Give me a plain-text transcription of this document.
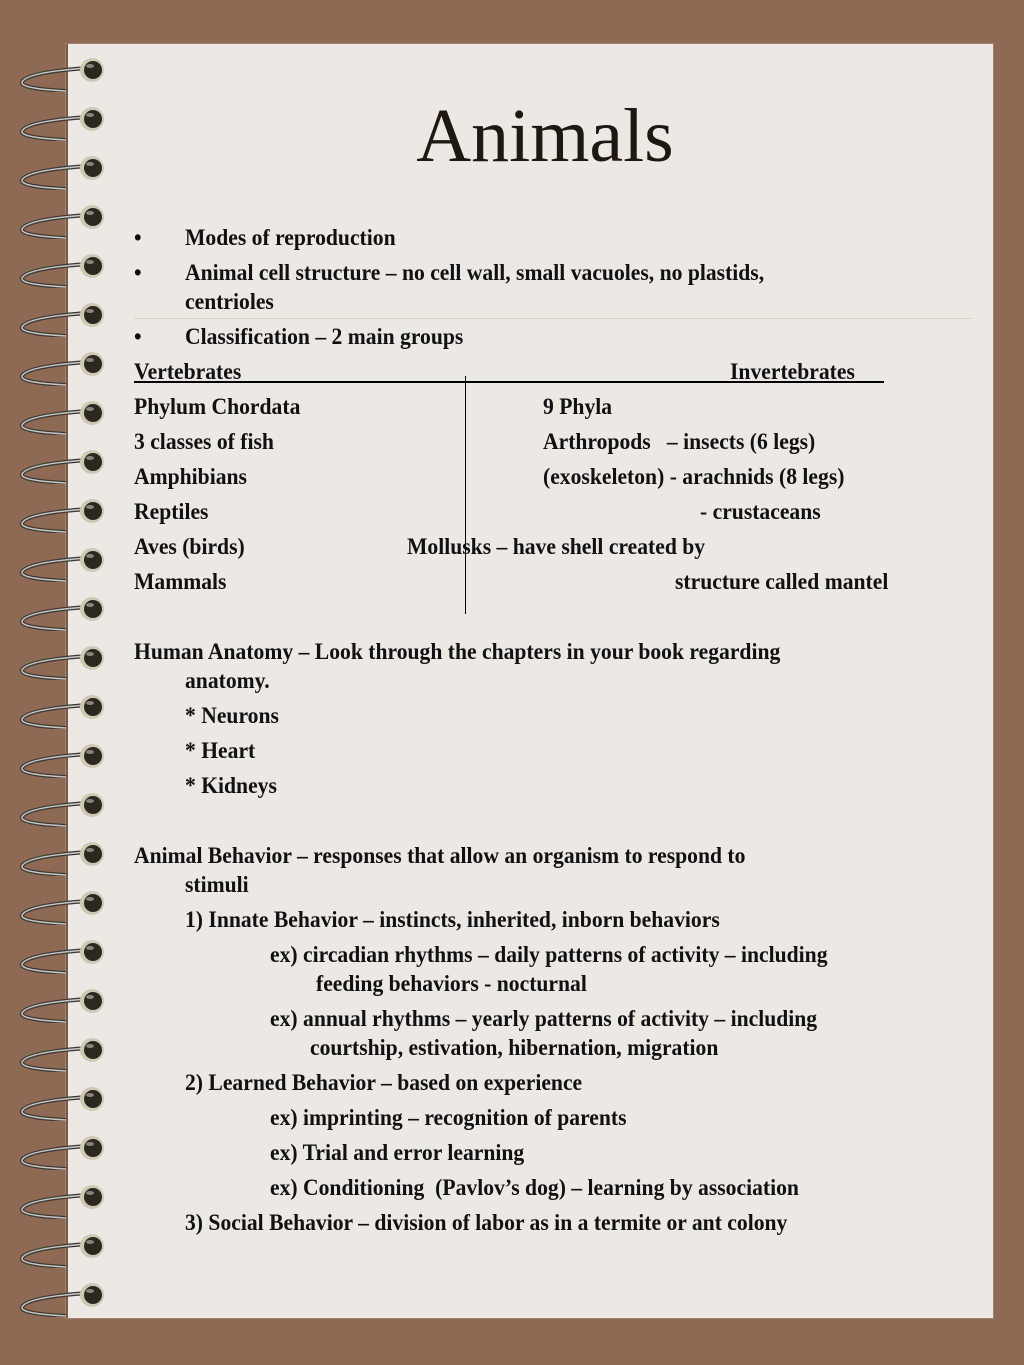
Animals
• Modes of reproduction
• Animal cell structure – no cell wall, small vacuoles, no plastids,
centrioles
• Classification – 2 main groups
Vertebrates	Invertebrates
Phylum Chordata
3 classes of fish
Amphibians
Reptiles
Aves (birds)
Mammals
9 Phyla
Arthropods   – insects (6 legs)
(exoskeleton) - arachnids (8 legs)
- crustaceans
Mollusks – have shell created by
structure called mantel
Human Anatomy – Look through the chapters in your book regarding
anatomy.
* Neurons
* Heart
* Kidneys
Animal Behavior – responses that allow an organism to respond to
stimuli
1) Innate Behavior – instincts, inherited, inborn behaviors
ex) circadian rhythms – daily patterns of activity – including
feeding behaviors - nocturnal
ex) annual rhythms – yearly patterns of activity – including
courtship, estivation, hibernation, migration
2) Learned Behavior – based on experience
ex) imprinting – recognition of parents
ex) Trial and error learning
ex) Conditioning  (Pavlov’s dog) – learning by association
3) Social Behavior – division of labor as in a termite or ant colony
